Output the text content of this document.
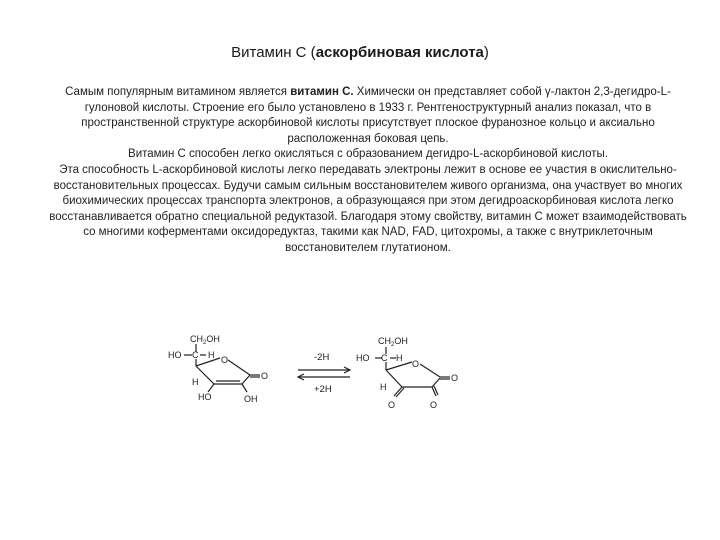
Витамин С (аскорбиновая кислота)

Самым популярным витамином является витамин С. Химически он представляет собой γ-лактон 2,3-дегидро-L-гулоновой кислоты. Строение его было установлено в 1933 г. Рентгеноструктурный анализ показал, что в пространственной структуре аскорбиновой кислоты присутствует плоское фуранозное кольцо и аксиально расположенная боковая цепь.

Витамин С способен легко окисляться с образованием дегидро-L-аскорбиновой кислоты.

Эта способность L-аскорбиновой кислоты легко передавать электроны лежит в основе ее участия в окислительно-восстановительных процессах. Будучи самым сильным восстановителем живого организма, она участвует во многих биохимических процессах транспорта электронов, а образующаяся при этом дегидроаскорбиновая кислота легко восстанавливается обратно специальной редуктазой. Благодаря этому свойству, витамин С может взаимодействовать со многими коферментами оксидоредуктаз, такими как NAD, FAD, цитохромы, а также с внутриклеточным восстановителем глутатионом.

$CH_2OH$
HO C H O
O
H
HO	OH
-2H
+2H
$CH_2OH$
HO C H
O
O
H
O	O
